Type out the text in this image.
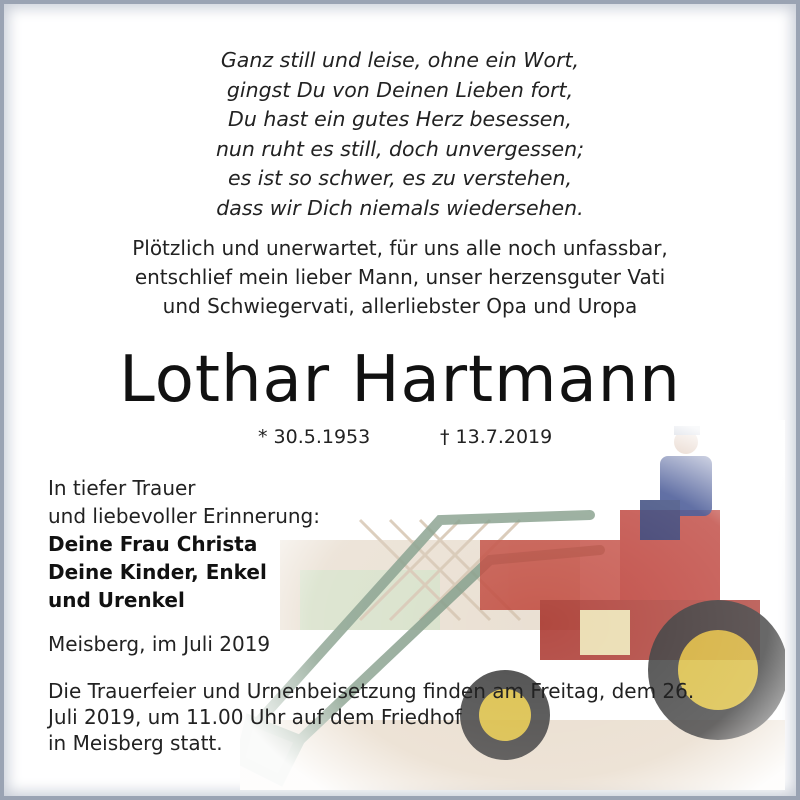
Ganz still und leise, ohne ein Wort,
gingst Du von Deinen Lieben fort,
Du hast ein gutes Herz besessen,
nun ruht es still, doch unvergessen;
es ist so schwer, es zu verstehen,
dass wir Dich niemals wiedersehen.
Plötzlich und unerwartet, für uns alle noch unfassbar,
entschlief mein lieber Mann, unser herzensguter Vati
und Schwiegervati, allerliebster Opa und Uropa
Lothar Hartmann
* 30.5.1953	† 13.7.2019
In tiefer Trauer
und liebevoller Erinnerung:
Deine Frau Christa
Deine Kinder, Enkel
und Urenkel
Meisberg, im Juli 2019
Die Trauerfeier und Urnenbeisetzung finden am Freitag, dem 26.
Juli 2019, um 11.00 Uhr auf dem Friedhof
in Meisberg statt.
